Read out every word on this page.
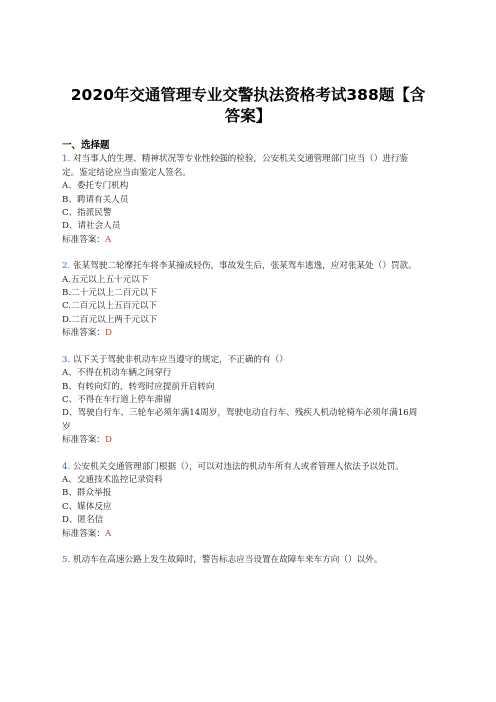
2020年交通管理专业交警执法资格考试388题【含
答案】
一、选择题
1. 对当事人的生理、精神状况等专业性较强的检验，公安机关交通管理部门应当（）进行鉴定。鉴定结论应当由鉴定人签名。
A、委托专门机构
B、聘请有关人员
C、指派民警
D、请社会人员
标准答案：A
2. 张某驾驶二轮摩托车将李某撞成轻伤，事故发生后，张某驾车逃逸，应对张某处（）罚款。
A.五元以上五十元以下
B.二十元以上二百元以下
C.二百元以上五百元以下
D.二百元以上两千元以下
标准答案：D
3. 以下关于驾驶非机动车应当遵守的规定，不正确的有（）
A、不得在机动车辆之间穿行
B、有转向灯的，转弯时应提前开启转向
C、不得在车行道上停车滞留
D、驾驶自行车、三轮车必须年满14周岁，驾驶电动自行车、残疾人机动轮椅车必须年满16周岁
标准答案：D
4. 公安机关交通管理部门根据（），可以对违法的机动车所有人或者管理人依法予以处罚。
A、交通技术监控记录资料
B、群众举报
C、媒体反应
D、匿名信
标准答案：A
5. 机动车在高速公路上发生故障时，警告标志应当设置在故障车来车方向（）以外。
